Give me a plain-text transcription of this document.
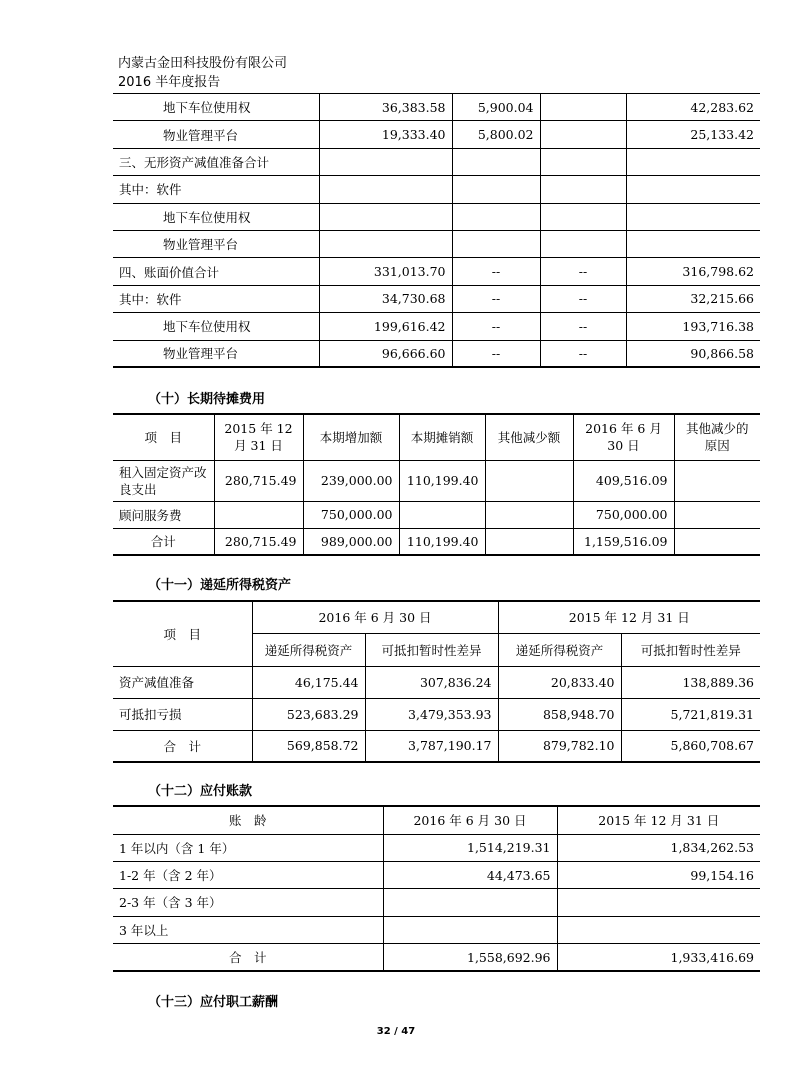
内蒙古金田科技股份有限公司
2016 半年度报告
地下车位使用权	36,383.58	5,900.04		42,283.62
物业管理平台	19,333.40	5,800.02		25,133.42
三、无形资产减值准备合计				
其中：软件				
地下车位使用权				
物业管理平台				
四、账面价值合计	331,013.70	--	--	316,798.62
其中：软件	34,730.68	--	--	32,215.66
地下车位使用权	199,616.42	--	--	193,716.38
物业管理平台	96,666.60	--	--	90,866.58
（十）长期待摊费用
项　目	2015 年 12 月 31 日	本期增加额	本期摊销额	其他减少额	2016 年 6 月 30 日	其他减少的原因
租入固定资产改良支出	280,715.49	239,000.00	110,199.40		409,516.09	
顾问服务费		750,000.00			750,000.00	
合计	280,715.49	989,000.00	110,199.40		1,159,516.09	
（十一）递延所得税资产
项　目	2016 年 6 月 30 日		2015 年 12 月 31 日	
	递延所得税资产	可抵扣暂时性差异	递延所得税资产	可抵扣暂时性差异
资产减值准备	46,175.44	307,836.24	20,833.40	138,889.36
可抵扣亏损	523,683.29	3,479,353.93	858,948.70	5,721,819.31
合　计	569,858.72	3,787,190.17	879,782.10	5,860,708.67
（十二）应付账款
账　龄	2016 年 6 月 30 日	2015 年 12 月 31 日
1 年以内（含 1 年）	1,514,219.31	1,834,262.53
1-2 年（含 2 年）	44,473.65	99,154.16
2-3 年（含 3 年）		
3 年以上		
合　计	1,558,692.96	1,933,416.69
（十三）应付职工薪酬
32 / 47
